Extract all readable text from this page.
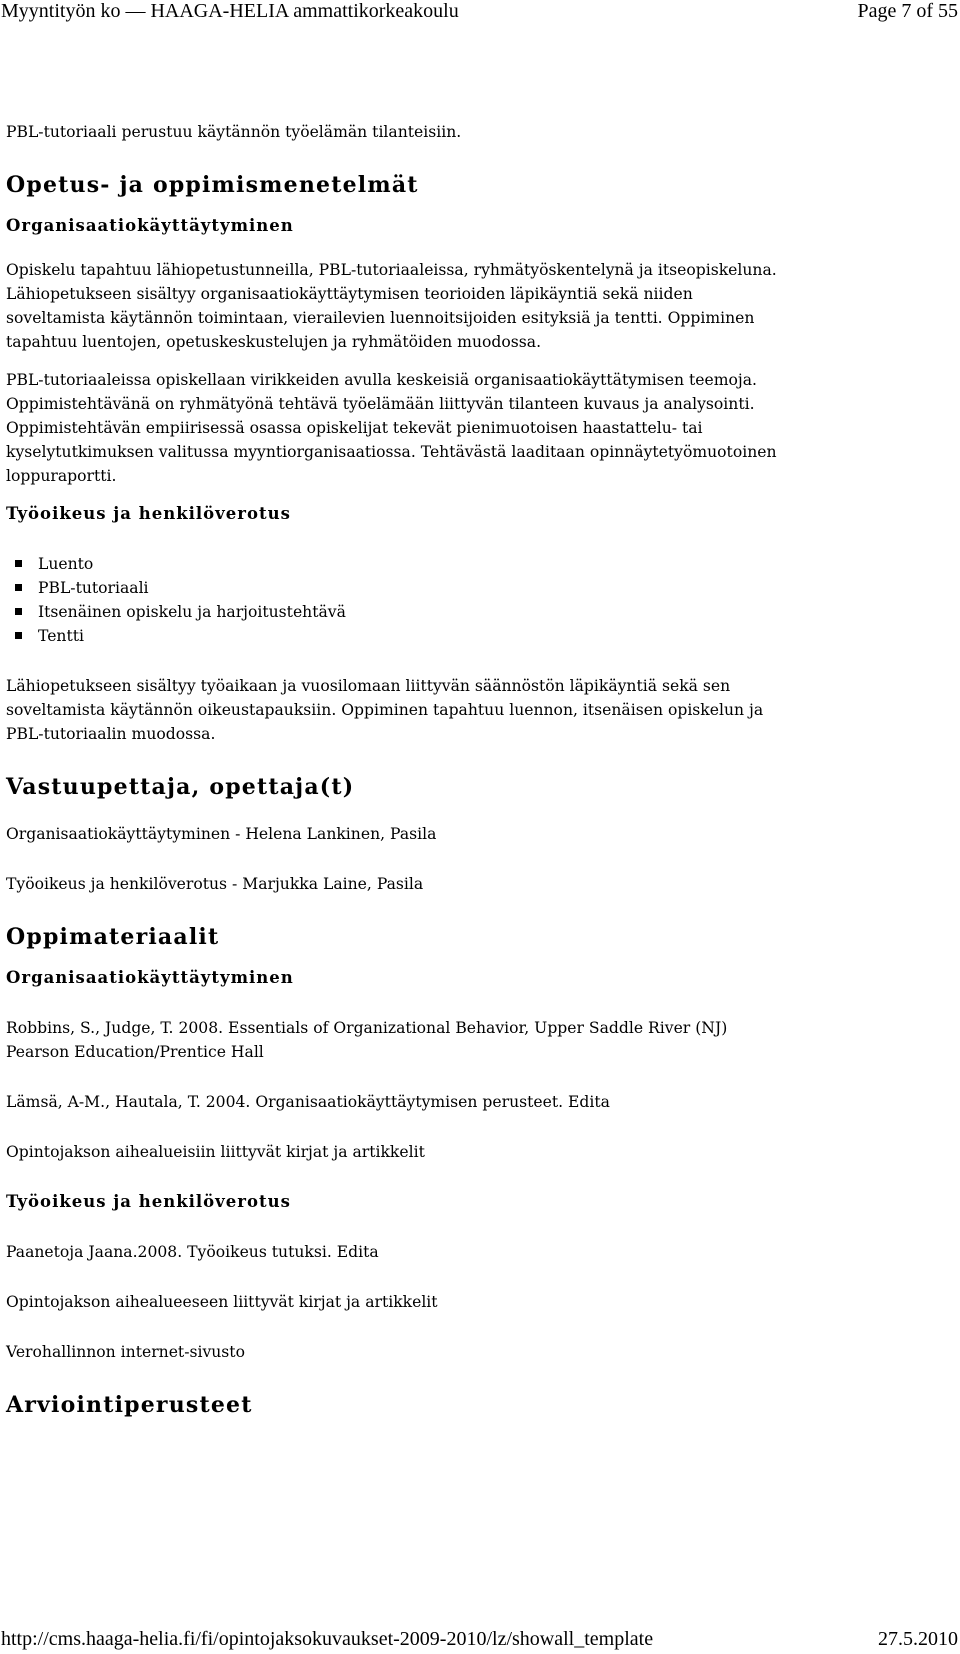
Myyntityön ko — HAAGA-HELIA ammattikorkeakoulu	Page 7 of 55

PBL-tutoriaali perustuu käytännön työelämän tilanteisiin.

Opetus- ja oppimismenetelmät
Organisaatiokäyttäytyminen

Opiskelu tapahtuu lähiopetustunneilla, PBL-tutoriaaleissa, ryhmätyöskentelynä ja itseopiskeluna.
Lähiopetukseen sisältyy organisaatiokäyttäytymisen teorioiden läpikäyntiä sekä niiden
soveltamista käytännön toimintaan, vierailevien luennoitsijoiden esityksiä ja tentti. Oppiminen
tapahtuu luentojen, opetuskeskustelujen ja ryhmätöiden muodossa.

PBL-tutoriaaleissa opiskellaan virikkeiden avulla keskeisiä organisaatiokäyttätymisen teemoja.
Oppimistehtävänä on ryhmätyönä tehtävä työelämään liittyvän tilanteen kuvaus ja analysointi.
Oppimistehtävän empiirisessä osassa opiskelijat tekevät pienimuotoisen haastattelu- tai
kyselytutkimuksen valitussa myyntiorganisaatiossa. Tehtävästä laaditaan opinnäytetyömuotoinen
loppuraportti.

Työoikeus ja henkilöverotus
Luento
PBL-tutoriaali
Itsenäinen opiskelu ja harjoitustehtävä
Tentti

Lähiopetukseen sisältyy työaikaan ja vuosilomaan liittyvän säännöstön läpikäyntiä sekä sen
soveltamista käytännön oikeustapauksiin. Oppiminen tapahtuu luennon, itsenäisen opiskelun ja
PBL-tutoriaalin muodossa.

Vastuupettaja, opettaja(t)

Organisaatiokäyttäytyminen - Helena Lankinen, Pasila

Työoikeus ja henkilöverotus - Marjukka Laine, Pasila

Oppimateriaalit
Organisaatiokäyttäytyminen

Robbins, S., Judge, T. 2008. Essentials of Organizational Behavior, Upper Saddle River (NJ)
Pearson Education/Prentice Hall

Lämsä, A-M., Hautala, T. 2004. Organisaatiokäyttäytymisen perusteet. Edita

Opintojakson aihealueisiin liittyvät kirjat ja artikkelit

Työoikeus ja henkilöverotus

Paanetoja Jaana.2008. Työoikeus tutuksi. Edita

Opintojakson aihealueeseen liittyvät kirjat ja artikkelit

Verohallinnon internet-sivusto

Arviointiperusteet
http://cms.haaga-helia.fi/fi/opintojaksokuvaukset-2009-2010/lz/showall_template	27.5.2010
